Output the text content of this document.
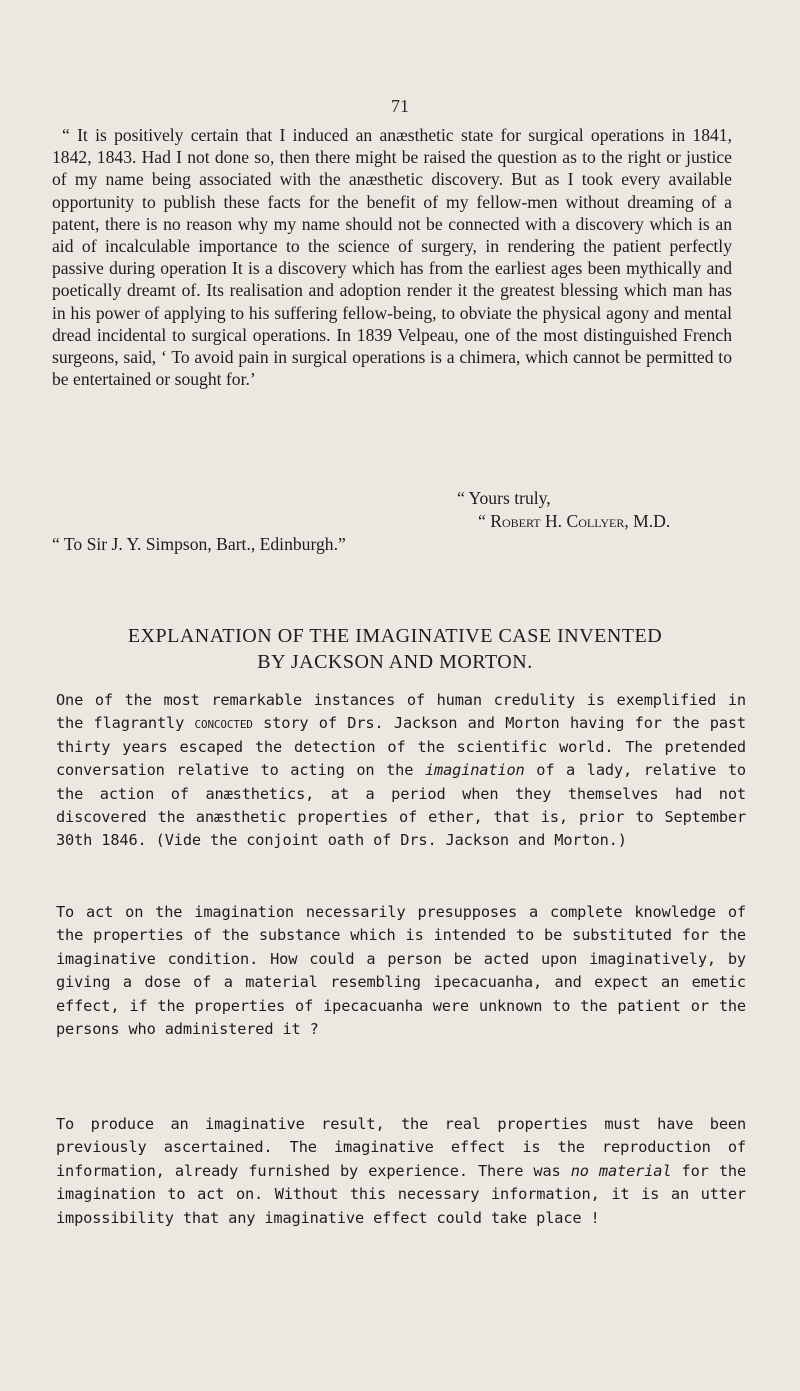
71
“ It is positively certain that I induced an anæsthetic state for surgical operations in 1841, 1842, 1843. Had I not done so, then there might be raised the question as to the right or justice of my name being associated with the anæsthetic discovery. But as I took every available opportunity to publish these facts for the benefit of my fellow-men without dreaming of a patent, there is no reason why my name should not be connected with a discovery which is an aid of incalculable importance to the science of surgery, in rendering the patient perfectly passive during operation It is a discovery which has from the earliest ages been mythically and poetically dreamt of. Its realisation and adoption render it the greatest blessing which man has in his power of applying to his suffering fellow-being, to obviate the physical agony and mental dread incidental to surgical operations. In 1839 Velpeau, one of the most distinguished French surgeons, said, ‘ To avoid pain in surgical operations is a chimera, which cannot be permitted to be entertained or sought for.’
“ Yours truly,
“ Robert H. Collyer, M.D.
“ To Sir J. Y. Simpson, Bart., Edinburgh.”
EXPLANATION OF THE IMAGINATIVE CASE INVENTED
BY JACKSON AND MORTON.

One of the most remarkable instances of human credulity is exemplified in the flagrantly concocted story of Drs. Jackson and Morton having for the past thirty years escaped the detection of the scientific world. The pretended conversation relative to acting on the imagination of a lady, relative to the action of anæsthetics, at a period when they themselves had not discovered the anæsthetic properties of ether, that is, prior to September 30th 1846. (Vide the conjoint oath of Drs. Jackson and Morton.)

To act on the imagination necessarily presupposes a complete knowledge of the properties of the substance which is intended to be substituted for the imaginative condition. How could a person be acted upon imaginatively, by giving a dose of a material resembling ipecacuanha, and expect an emetic effect, if the properties of ipecacuanha were unknown to the patient or the persons who administered it ?

To produce an imaginative result, the real properties must have been previously ascertained. The imaginative effect is the reproduction of information, already furnished by experience. There was no material for the imagination to act on. Without this necessary information, it is an utter impossibility that any imaginative effect could take place !
